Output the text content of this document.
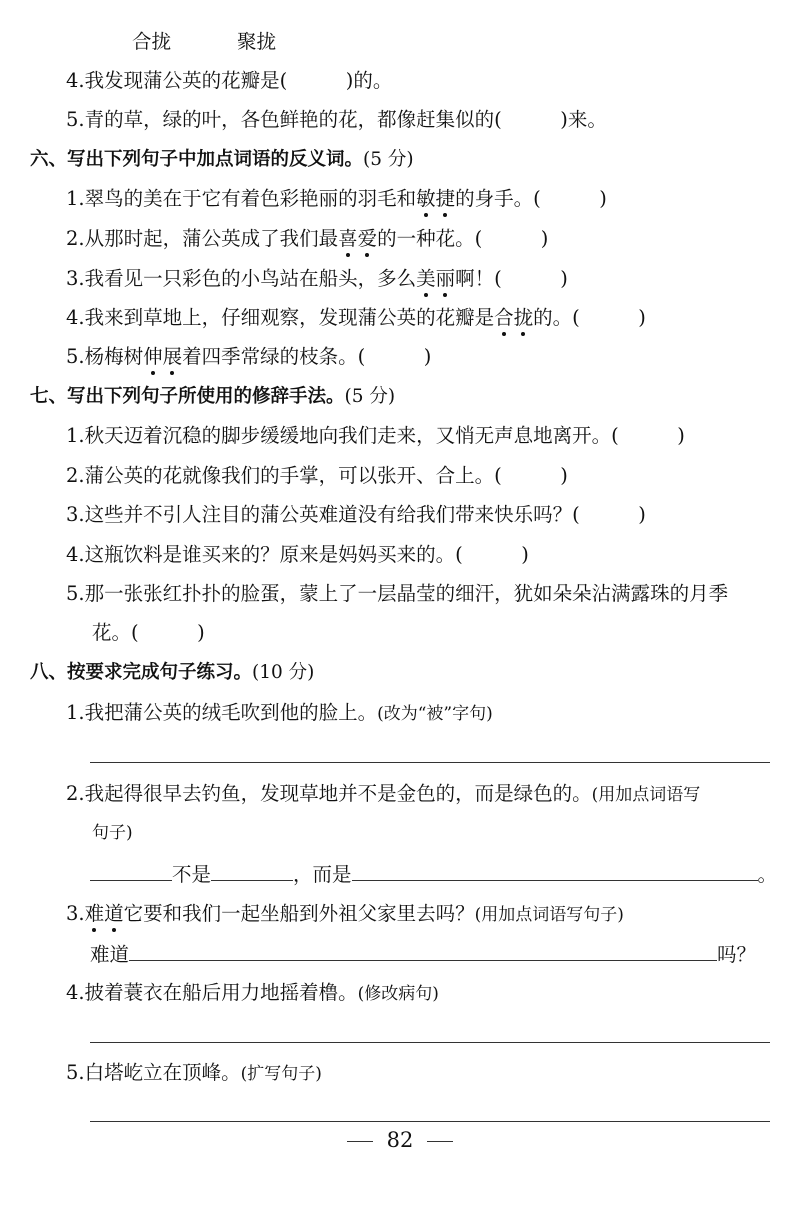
合拢	聚拢
4.我发现蒲公英的花瓣是(　　　)的。
5.青的草，绿的叶，各色鲜艳的花，都像赶集似的(　　　)来。
六、写出下列句子中加点词语的反义词。(5 分)
1.翠鸟的美在于它有着色彩艳丽的羽毛和敏捷的身手。(　　　)
2.从那时起，蒲公英成了我们最喜爱的一种花。(　　　)
3.我看见一只彩色的小鸟站在船头，多么美丽啊！(　　　)
4.我来到草地上，仔细观察，发现蒲公英的花瓣是合拢的。(　　　)
5.杨梅树伸展着四季常绿的枝条。(　　　)
七、写出下列句子所使用的修辞手法。(5 分)
1.秋天迈着沉稳的脚步缓缓地向我们走来，又悄无声息地离开。(　　　)
2.蒲公英的花就像我们的手掌，可以张开、合上。(　　　)
3.这些并不引人注目的蒲公英难道没有给我们带来快乐吗？(　　　)
4.这瓶饮料是谁买来的？原来是妈妈买来的。(　　　)
5.那一张张红扑扑的脸蛋，蒙上了一层晶莹的细汗，犹如朵朵沾满露珠的月季
花。(　　　)
八、按要求完成句子练习。(10 分)
1.我把蒲公英的绒毛吹到他的脸上。(改为“被”字句)
2.我起得很早去钓鱼，发现草地并不是金色的，而是绿色的。(用加点词语写
句子)
不是	，而是	。
3.难道它要和我们一起坐船到外祖父家里去吗？(用加点词语写句子)
难道	吗？
4.披着蓑衣在船后用力地摇着橹。(修改病句)
5.白塔屹立在顶峰。(扩写句子)
82
